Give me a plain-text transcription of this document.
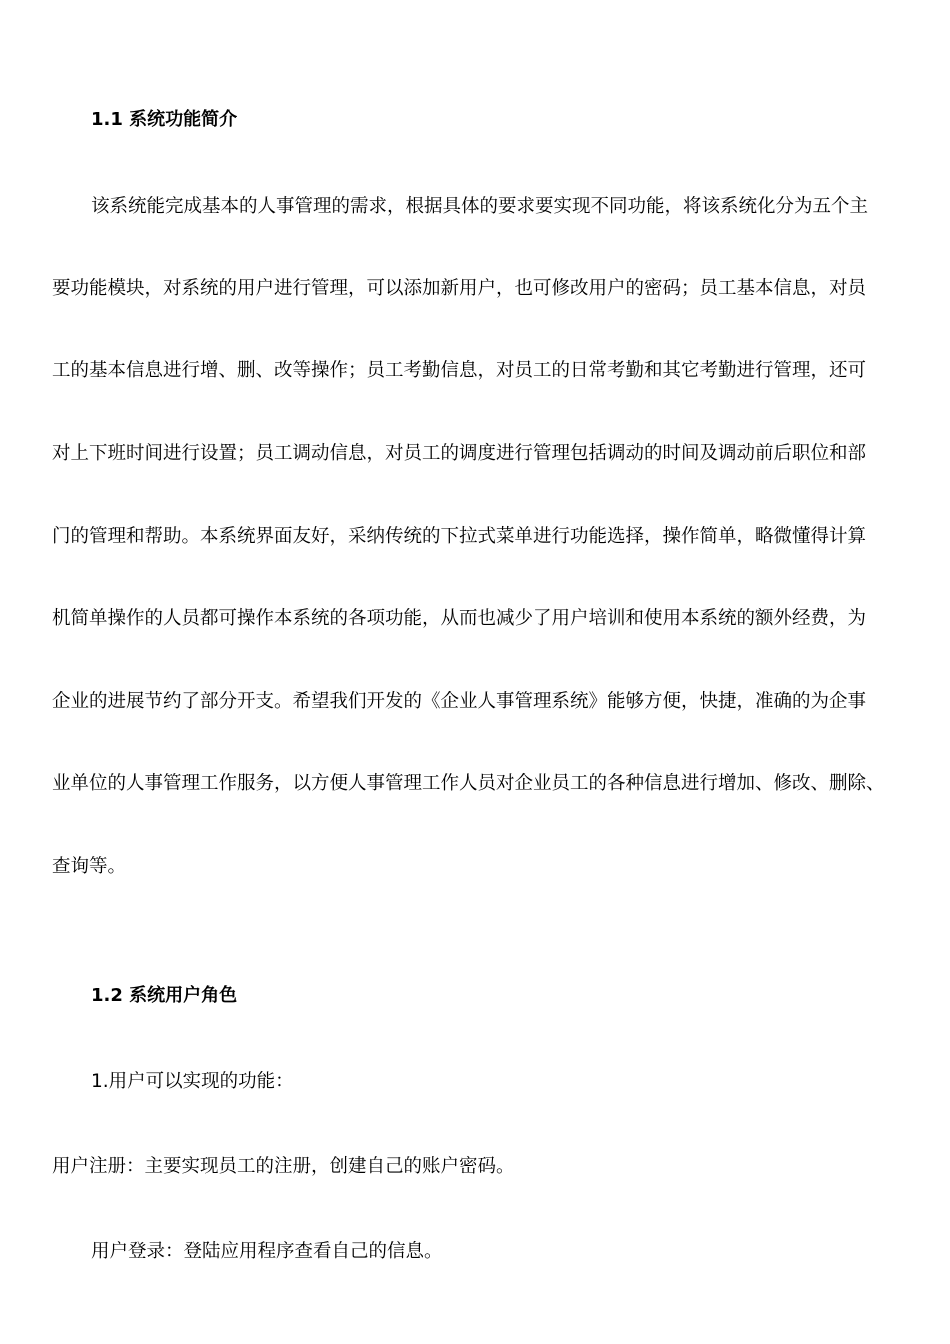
1.1 系统功能简介
该系统能完成基本的人事管理的需求，根据具体的要求要实现不同功能，将该系统化分为五个主
要功能模块，对系统的用户进行管理，可以添加新用户，也可修改用户的密码；员工基本信息，对员
工的基本信息进行增、删、改等操作；员工考勤信息，对员工的日常考勤和其它考勤进行管理，还可
对上下班时间进行设置；员工调动信息，对员工的调度进行管理包括调动的时间及调动前后职位和部
门的管理和帮助。本系统界面友好，采纳传统的下拉式菜单进行功能选择，操作简单，略微懂得计算
机简单操作的人员都可操作本系统的各项功能，从而也减少了用户培训和使用本系统的额外经费，为
企业的进展节约了部分开支。希望我们开发的《企业人事管理系统》能够方便，快捷，准确的为企事
业单位的人事管理工作服务，以方便人事管理工作人员对企业员工的各种信息进行增加、修改、删除、
查询等。
1.2 系统用户角色
1.用户可以实现的功能：
用户注册：主要实现员工的注册，创建自己的账户密码。
用户登录：登陆应用程序查看自己的信息。
